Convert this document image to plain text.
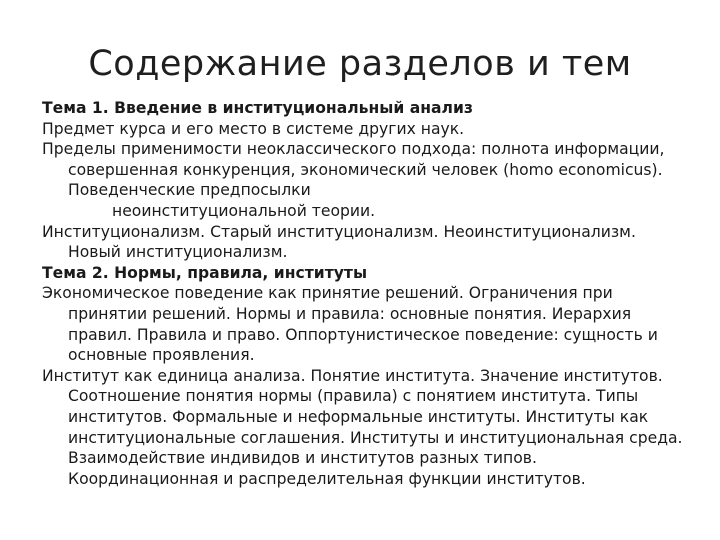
Содержание разделов и тем

Тема 1. Введение в институциональный анализ

Предмет курса и его место в системе других наук.

Пределы применимости неоклассического подхода: полнота информации, совершенная конкуренция, экономический человек (homo economicus). Поведенческие предпосылки
неоинституциональной теории.

Институционализм. Старый институционализм. Неоинституционализм. Новый институционализм.

Тема 2. Нормы, правила, институты

Экономическое поведение как принятие решений. Ограничения при принятии решений. Нормы и правила: основные понятия. Иерархия правил. Правила и право. Оппортунистическое поведение: сущность и основные проявления.

Институт как единица анализа. Понятие института. Значение институтов. Соотношение понятия нормы (правила) с понятием института. Типы институтов. Формальные и неформальные институты. Институты как институциональные соглашения. Институты и институциональная среда. Взаимодействие индивидов и институтов разных типов. Координационная и распределительная функции институтов.
